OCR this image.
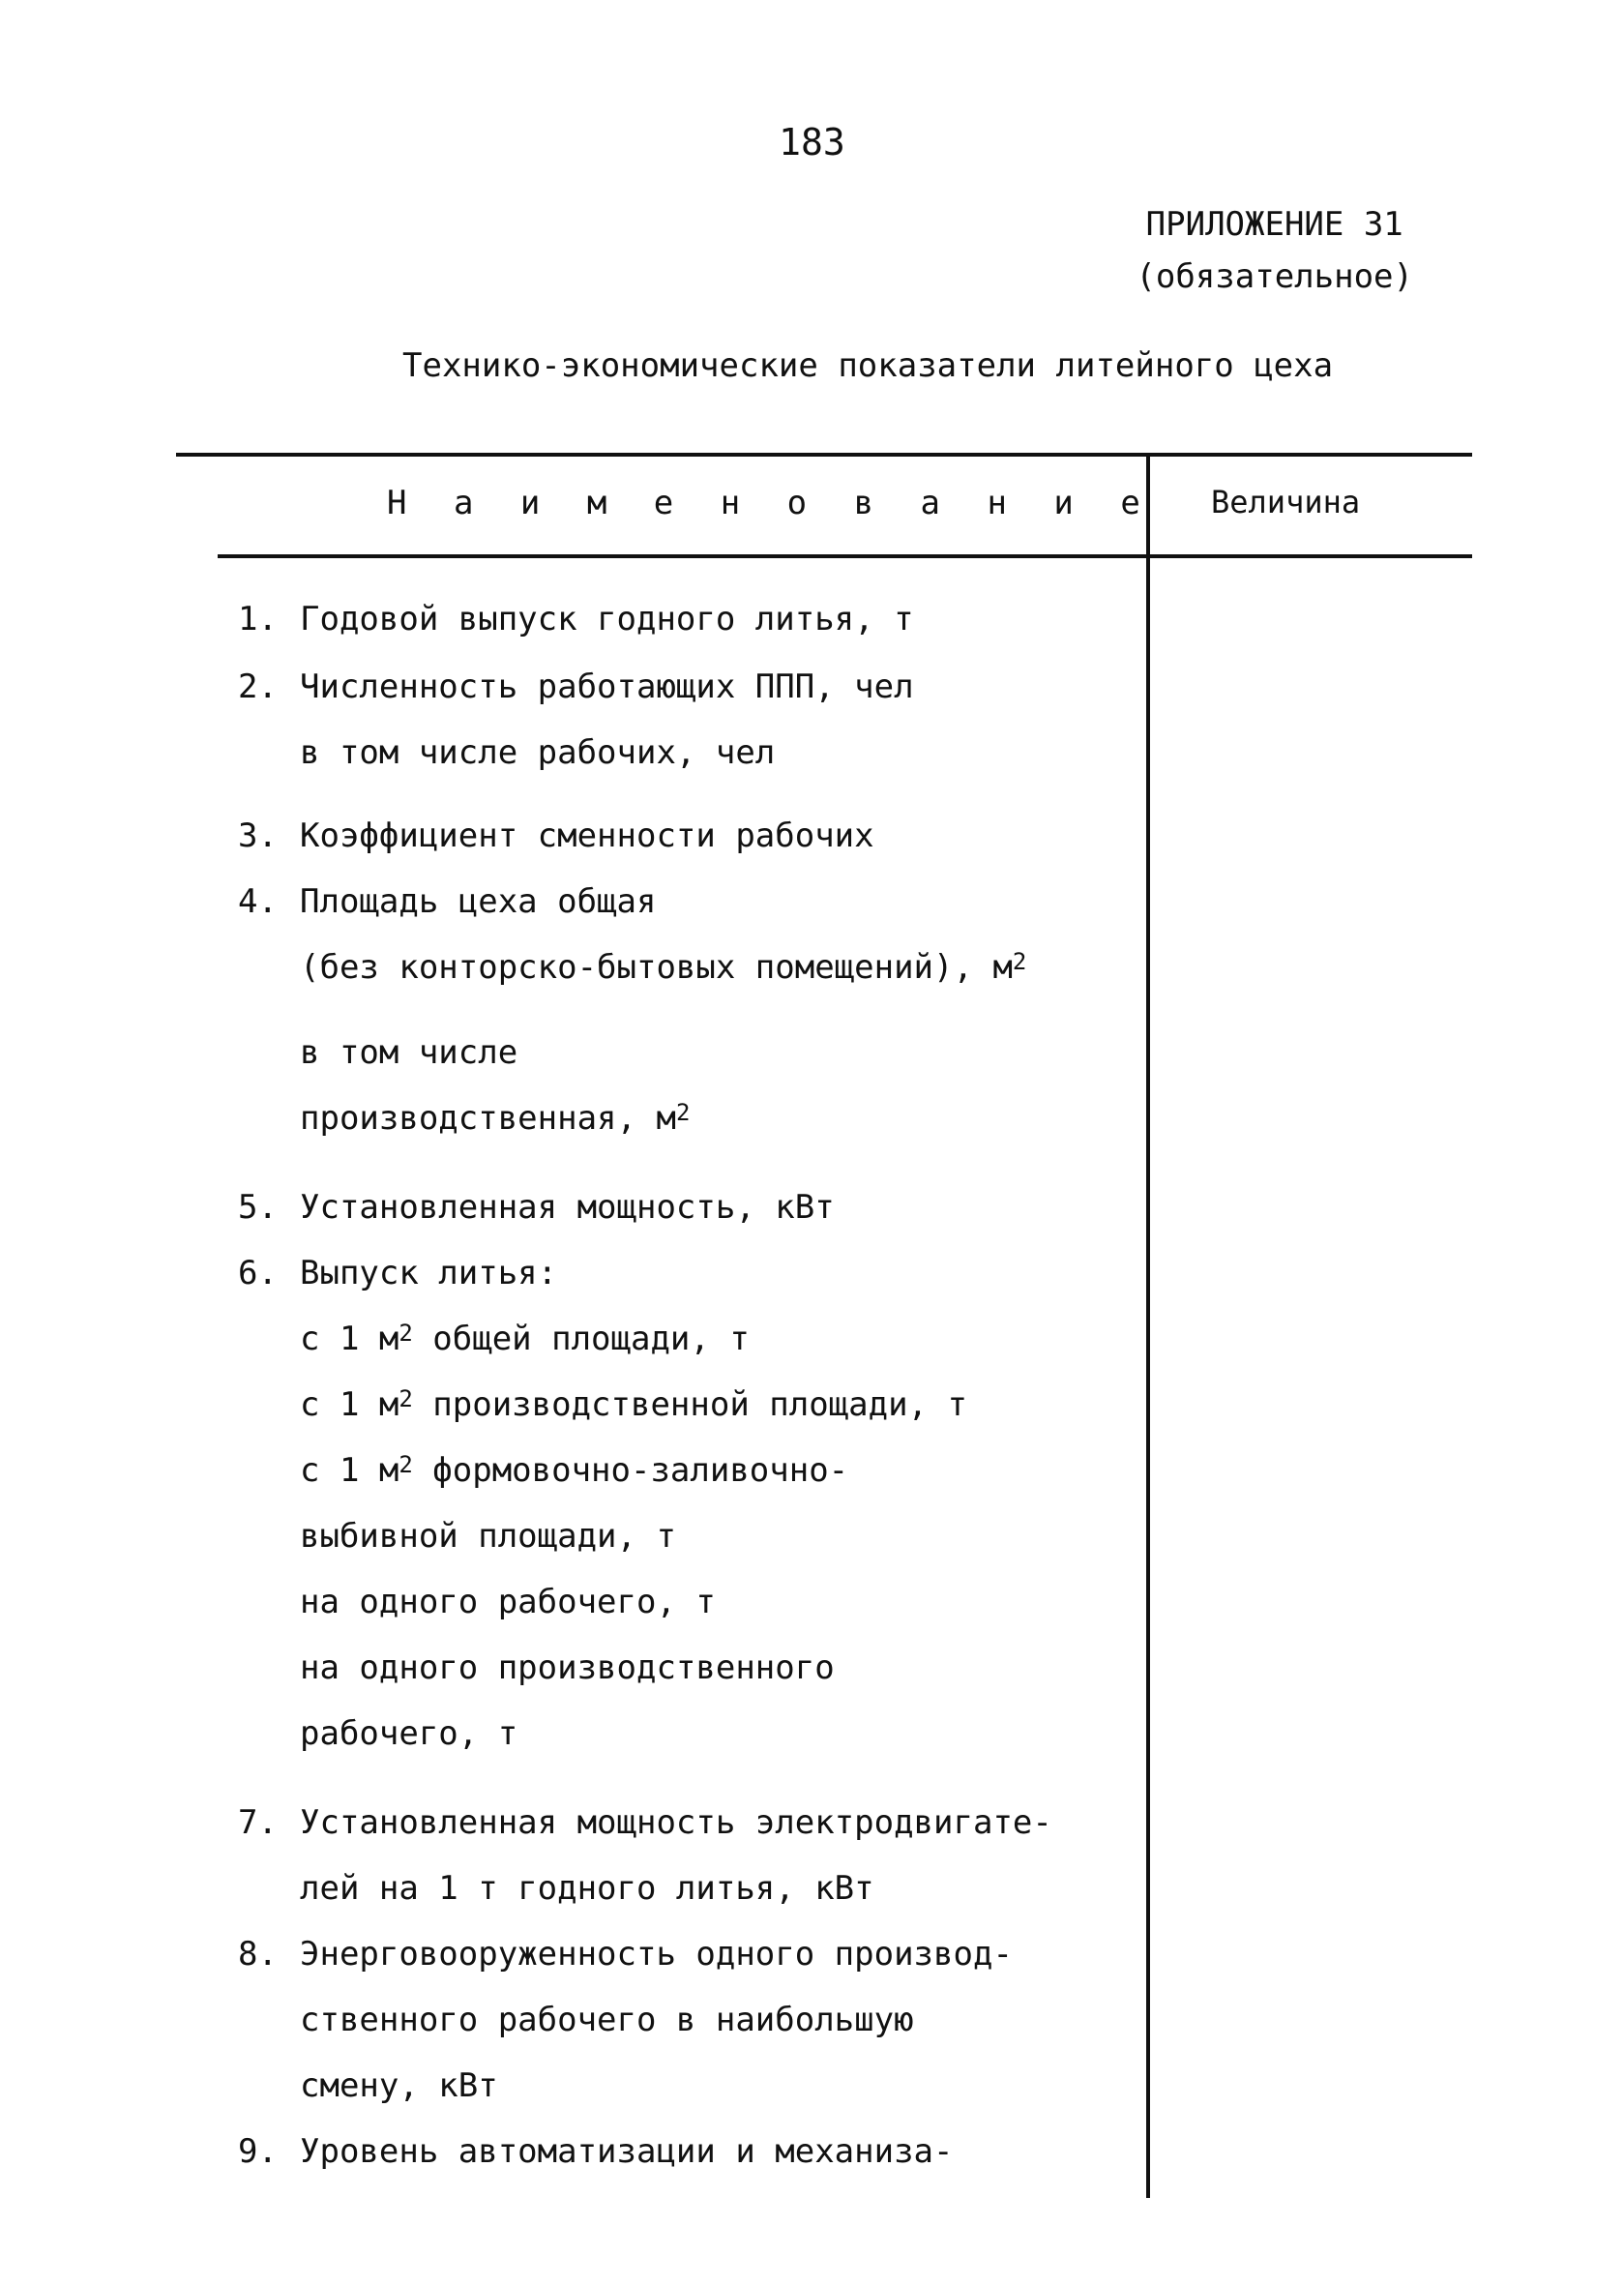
183
ПРИЛОЖЕНИЕ 31
(обязательное)
Технико-экономические показатели литейного цеха
Н а и м е н о в а н и е Величина
1. Годовой выпуск годного литья, т
2. Численность работающих ППП, чел
в том числе рабочих, чел
3. Коэффициент сменности рабочих
4. Площадь цеха общая
(без конторско-бытовых помещений), $м^2$
в том числе
производственная, $м^2$
5. Установленная мощность, кВт
6. Выпуск литья:
с 1 $м^2$ общей площади, т
с 1 $м^2$ производственной площади, т
с 1 $м^2$ формовочно-заливочно-
выбивной площади, т
на одного рабочего, т
на одного производственного
рабочего, т
7. Установленная мощность электродвигате-
лей на 1 т годного литья, кВт
8. Энерговооруженность одного производ-
ственного рабочего в наибольшую
смену, кВт
9. Уровень автоматизации и механиза-
